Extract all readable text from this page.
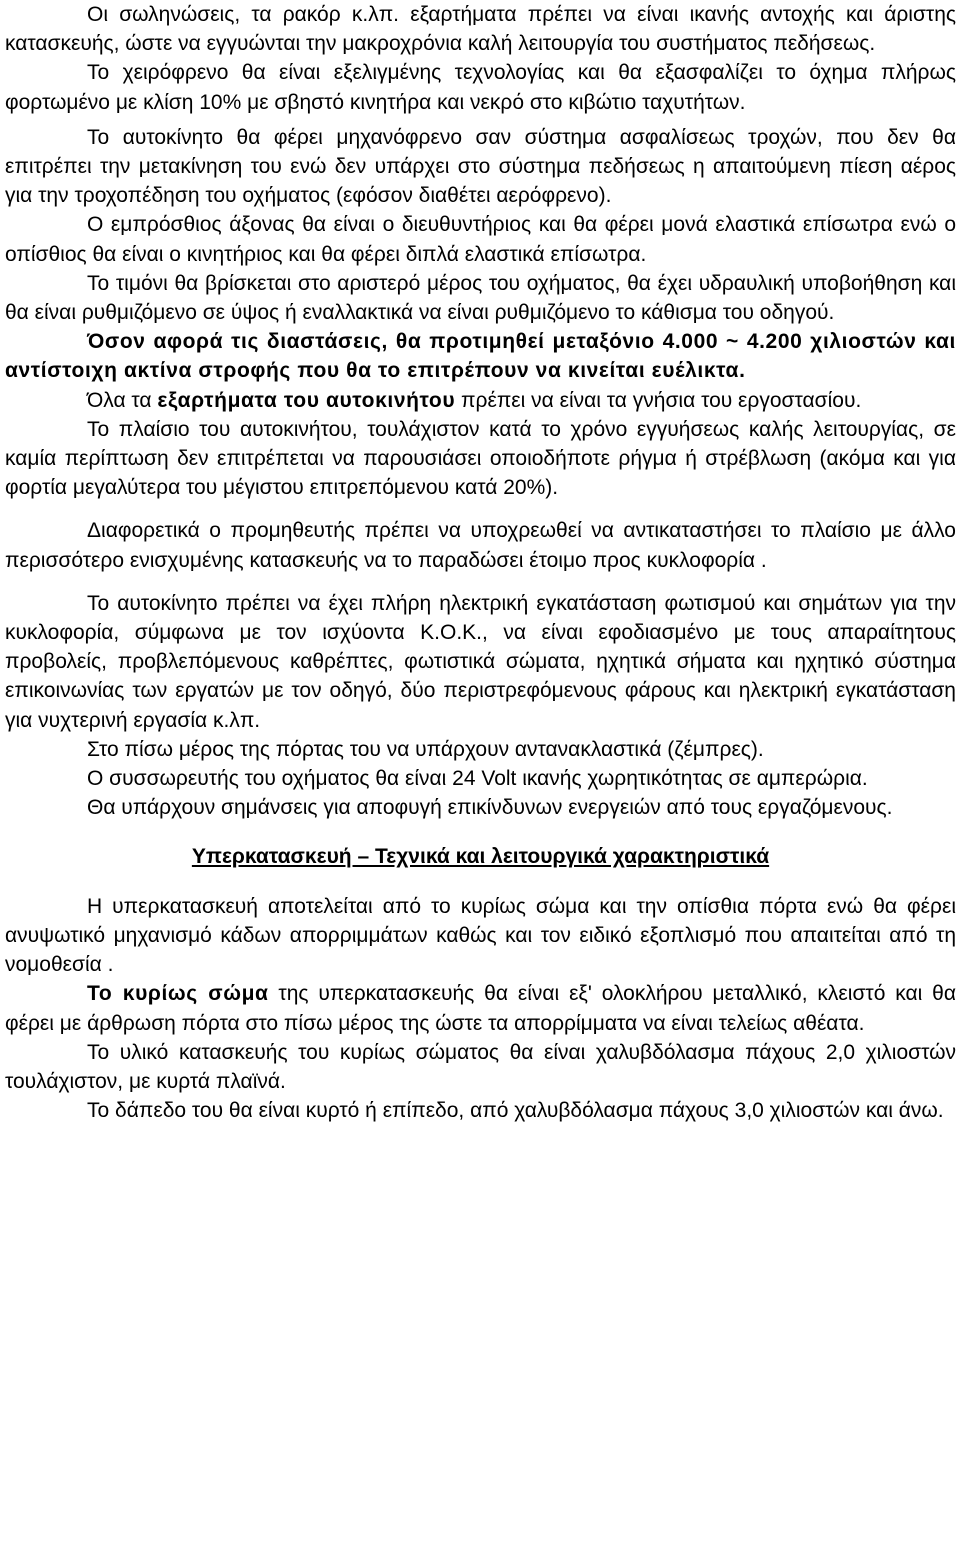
Οι σωληνώσεις, τα ρακόρ κ.λπ. εξαρτήματα πρέπει να είναι ικανής αντοχής και άριστης κατασκευής, ώστε να εγγυώνται την μακροχρόνια καλή λειτουργία του συστήματος πεδήσεως.

Το χειρόφρενο θα είναι εξελιγμένης τεχνολογίας και θα εξασφαλίζει το όχημα πλήρως φορτωμένο με κλίση 10% με σβηστό κινητήρα και νεκρό στο κιβώτιο ταχυτήτων.

Το αυτοκίνητο θα φέρει μηχανόφρενο σαν σύστημα ασφαλίσεως τροχών, που δεν θα επιτρέπει την μετακίνηση του ενώ δεν υπάρχει στο σύστημα πεδήσεως η απαιτούμενη πίεση αέρος για την τροχοπέδηση του οχήματος (εφόσον διαθέτει αερόφρενο).

Ο εμπρόσθιος άξονας θα είναι ο διευθυντήριος και θα φέρει μονά ελαστικά επίσωτρα ενώ ο οπίσθιος θα είναι ο κινητήριος και θα φέρει διπλά ελαστικά επίσωτρα.

Το τιμόνι θα βρίσκεται στο αριστερό μέρος του οχήματος, θα έχει υδραυλική υποβοήθηση και θα είναι ρυθμιζόμενο σε ύψος ή εναλλακτικά να είναι ρυθμιζόμενο το κάθισμα του οδηγού.

Όσον αφορά τις διαστάσεις, θα προτιμηθεί μεταξόνιο 4.000 ~ 4.200 χιλιοστών και αντίστοιχη ακτίνα στροφής που θα το επιτρέπουν να κινείται ευέλικτα.

Όλα τα εξαρτήματα του αυτοκινήτου πρέπει να είναι τα γνήσια του εργοστασίου.

Το πλαίσιο του αυτοκινήτου, τουλάχιστον κατά το χρόνο εγγυήσεως καλής λειτουργίας, σε καμία περίπτωση δεν επιτρέπεται να παρουσιάσει οποιοδήποτε ρήγμα ή στρέβλωση (ακόμα και για φορτία μεγαλύτερα του μέγιστου επιτρεπόμενου κατά 20%).

Διαφορετικά ο προμηθευτής πρέπει να υποχρεωθεί να αντικαταστήσει το πλαίσιο με άλλο περισσότερο ενισχυμένης κατασκευής να το παραδώσει έτοιμο προς κυκλοφορία .

Το αυτοκίνητο πρέπει να έχει πλήρη ηλεκτρική εγκατάσταση φωτισμού και σημάτων για την κυκλοφορία, σύμφωνα με τον ισχύοντα Κ.Ο.Κ., να είναι εφοδιασμένο με τους απαραίτητους προβολείς, προβλεπόμενους καθρέπτες, φωτιστικά σώματα, ηχητικά σήματα και ηχητικό σύστημα επικοινωνίας των εργατών με τον οδηγό, δύο περιστρεφόμενους φάρους και ηλεκτρική εγκατάσταση για νυχτερινή εργασία κ.λπ.

Στο πίσω μέρος της πόρτας του να υπάρχουν αντανακλαστικά (ζέμπρες).

Ο συσσωρευτής του οχήματος θα είναι 24 Volt ικανής χωρητικότητας σε αμπερώρια.

Θα υπάρχουν σημάνσεις για αποφυγή επικίνδυνων ενεργειών από τους εργαζόμενους.

Υπερκατασκευή – Τεχνικά και λειτουργικά χαρακτηριστικά

Η υπερκατασκευή αποτελείται από το κυρίως σώμα και την οπίσθια πόρτα ενώ θα φέρει ανυψωτικό μηχανισμό κάδων απορριμμάτων καθώς και τον ειδικό εξοπλισμό που απαιτείται από τη νομοθεσία .

Το κυρίως σώμα της υπερκατασκευής θα είναι εξ' ολοκλήρου μεταλλικό, κλειστό και θα φέρει με άρθρωση πόρτα στο πίσω μέρος της ώστε τα απορρίμματα να είναι τελείως αθέατα.

Το υλικό κατασκευής του κυρίως σώματος θα είναι χαλυβδόλασμα πάχους 2,0 χιλιοστών τουλάχιστον, με κυρτά πλαϊνά.

Το δάπεδο του θα είναι κυρτό ή επίπεδο, από χαλυβδόλασμα πάχους 3,0 χιλιοστών και άνω.
